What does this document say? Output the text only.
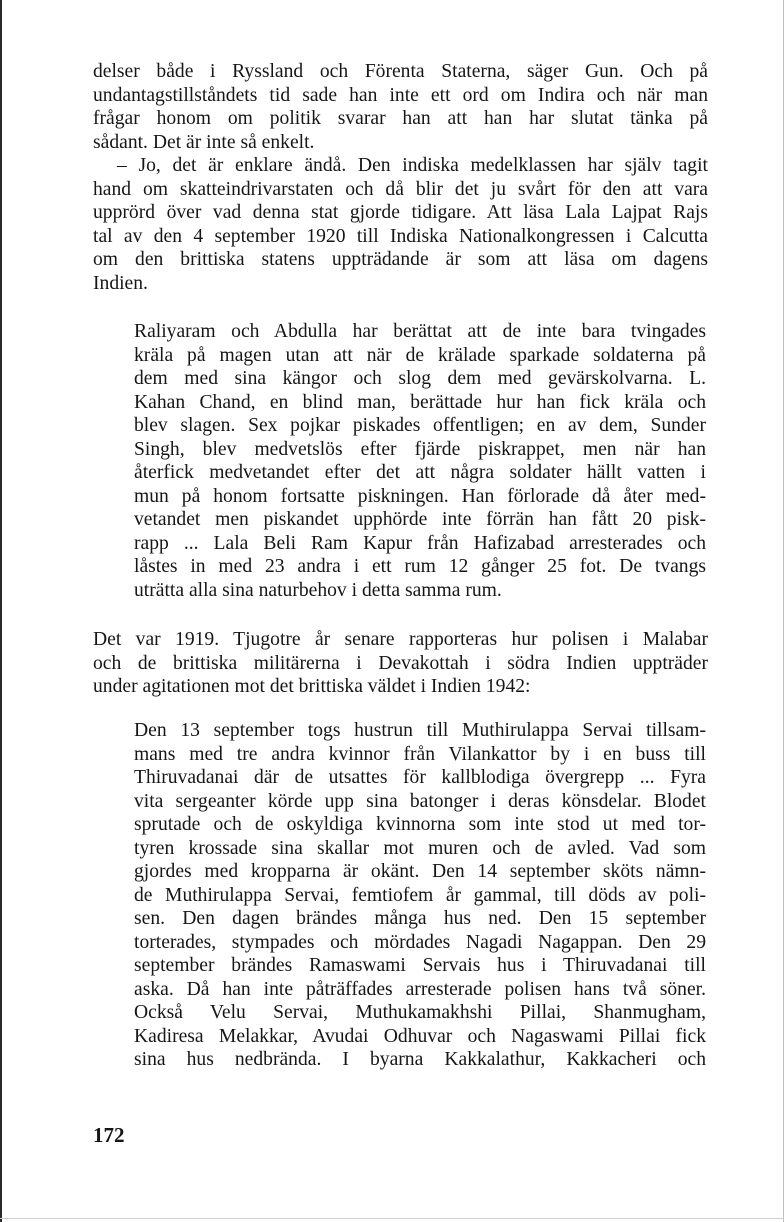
delser både i Ryssland och Förenta Staterna, säger Gun. Och på
undantagstillståndets tid sade han inte ett ord om Indira och när man
frågar honom om politik svarar han att han har slutat tänka på
sådant. Det är inte så enkelt.
– Jo, det är enklare ändå. Den indiska medelklassen har själv tagit
hand om skatteindrivarstaten och då blir det ju svårt för den att vara
upprörd över vad denna stat gjorde tidigare. Att läsa Lala Lajpat Rajs
tal av den 4 september 1920 till Indiska Nationalkongressen i Calcutta
om den brittiska statens uppträdande är som att läsa om dagens
Indien.
Raliyaram och Abdulla har berättat att de inte bara tvingades
kräla på magen utan att när de krälade sparkade soldaterna på
dem med sina kängor och slog dem med gevärskolvarna. L.
Kahan Chand, en blind man, berättade hur han fick kräla och
blev slagen. Sex pojkar piskades offentligen; en av dem, Sunder
Singh, blev medvetslös efter fjärde piskrappet, men när han
återfick medvetandet efter det att några soldater hällt vatten i
mun på honom fortsatte piskningen. Han förlorade då åter med-
vetandet men piskandet upphörde inte förrän han fått 20 pisk-
rapp ... Lala Beli Ram Kapur från Hafizabad arresterades och
låstes in med 23 andra i ett rum 12 gånger 25 fot. De tvangs
uträtta alla sina naturbehov i detta samma rum.
Det var 1919. Tjugotre år senare rapporteras hur polisen i Malabar
och de brittiska militärerna i Devakottah i södra Indien uppträder
under agitationen mot det brittiska väldet i Indien 1942:
Den 13 september togs hustrun till Muthirulappa Servai tillsam-
mans med tre andra kvinnor från Vilankattor by i en buss till
Thiruvadanai där de utsattes för kallblodiga övergrepp ... Fyra
vita sergeanter körde upp sina batonger i deras könsdelar. Blodet
sprutade och de oskyldiga kvinnorna som inte stod ut med tor-
tyren krossade sina skallar mot muren och de avled. Vad som
gjordes med kropparna är okänt. Den 14 september sköts nämn-
de Muthirulappa Servai, femtiofem år gammal, till döds av poli-
sen. Den dagen brändes många hus ned. Den 15 september
torterades, stympades och mördades Nagadi Nagappan. Den 29
september brändes Ramaswami Servais hus i Thiruvadanai till
aska. Då han inte påträffades arresterade polisen hans två söner.
Också Velu Servai, Muthukamakhshi Pillai, Shanmugham,
Kadiresa Melakkar, Avudai Odhuvar och Nagaswami Pillai fick
sina hus nedbrända. I byarna Kakkalathur, Kakkacheri och
172
